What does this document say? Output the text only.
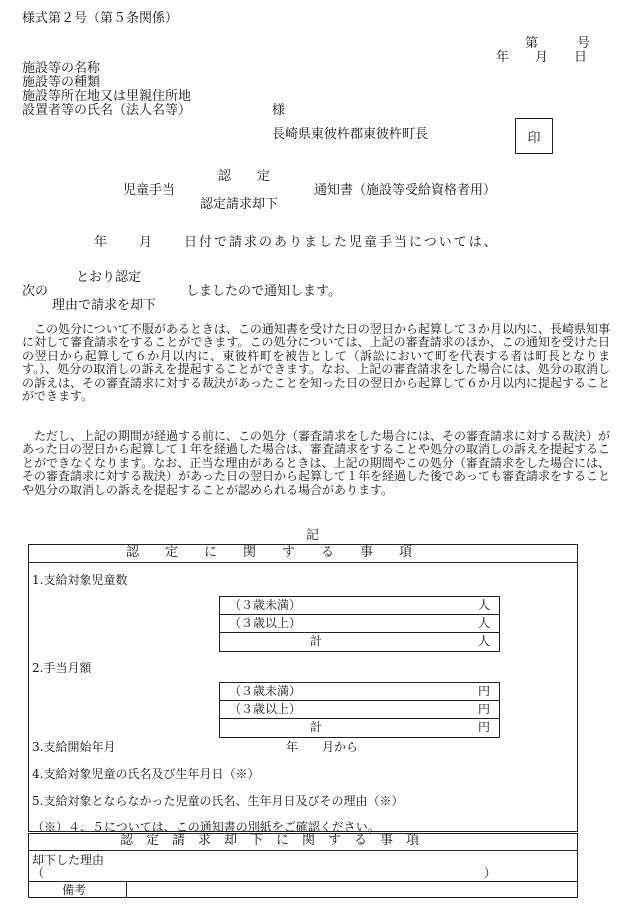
様式第２号（第５条関係）
第　　　号
年　　月　　日
施設等の名称
施設等の種類
施設等所在地又は里親住所地
設置者等の氏名（法人名等）	様
長崎県東彼杵郡東彼杵町長	印
認　　定
児童手当	通知書（施設等受給資格者用）
認定請求却下
年　　月　　日付で請求のありました児童手当については、
とおり認定
次の	しましたので通知します。
理由で請求を却下
　この処分について不服があるときは、この通知書を受けた日の翌日から起算して３か月以内に、長崎県知事に対して審査請求をすることができます。この処分については、上記の審査請求のほか、この通知を受けた日の翌日から起算して６か月以内に、東彼杵町を被告として（訴訟において町を代表する者は町長となります。）、処分の取消しの訴えを提起することができます。なお、上記の審査請求をした場合には、処分の取消しの訴えは、その審査請求に対する裁決があったことを知った日の翌日から起算して６か月以内に提起することができます。
　ただし、上記の期間が経過する前に、この処分（審査請求をした場合には、その審査請求に対する裁決）があった日の翌日から起算して１年を経過した場合は、審査請求をすることや処分の取消しの訴えを提起することができなくなります。なお、正当な理由があるときは、上記の期間やこの処分（審査請求をした場合には、その審査請求に対する裁決）があった日の翌日から起算して１年を経過した後であっても審査請求をすることや処分の取消しの訴えを提起することが認められる場合があります。
記
認　　定　　に　　関　　す　　る　　事　　項
1.支給対象児童数
（３歳未満）	人
（３歳以上）	人
計	人
2.手当月額
（３歳未満）	円
（３歳以上）	円
計	円
3.支給開始年月	年　　月から
4.支給対象児童の氏名及び生年月日（※）
5.支給対象とならなかった児童の氏名、生年月日及びその理由（※）
（※）４、５については、この通知書の別紙をご確認ください。
認　定　請　求　却　下　に　関　す　る　事　項
却下した理由
（	）
備考
